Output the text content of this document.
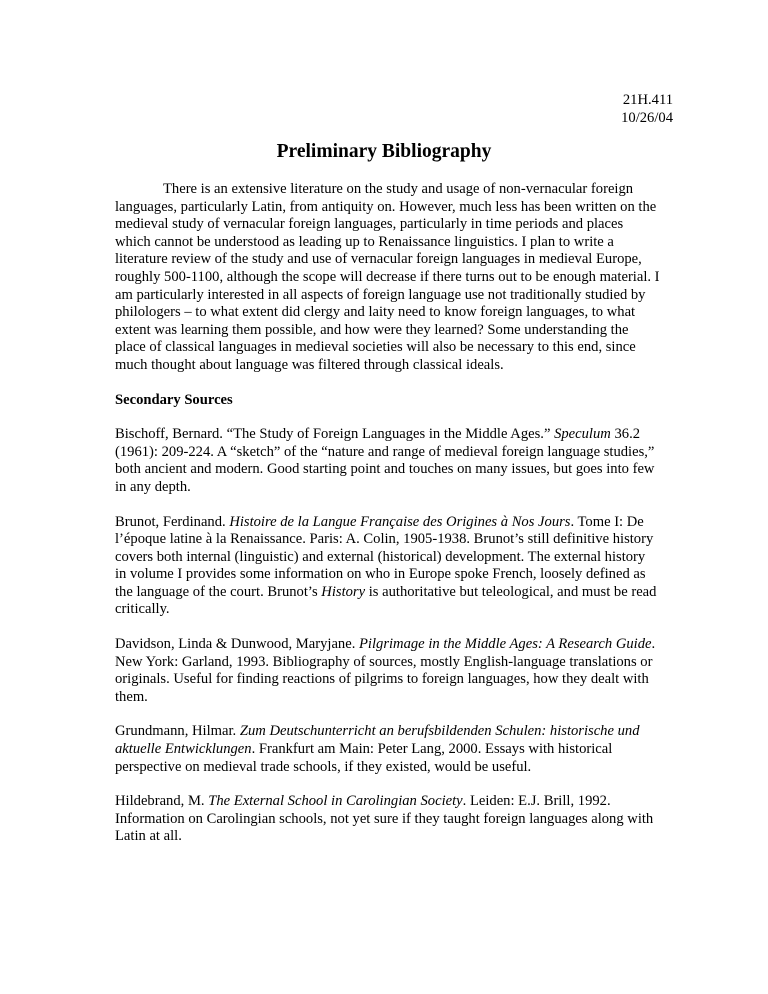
21H.411
10/26/04
Preliminary Bibliography

There is an extensive literature on the study and usage of non-vernacular foreign languages, particularly Latin, from antiquity on. However, much less has been written on the medieval study of vernacular foreign languages, particularly in time periods and places which cannot be understood as leading up to Renaissance linguistics. I plan to write a literature review of the study and use of vernacular foreign languages in medieval Europe, roughly 500-1100, although the scope will decrease if there turns out to be enough material. I am particularly interested in all aspects of foreign language use not traditionally studied by philologers – to what extent did clergy and laity need to know foreign languages, to what extent was learning them possible, and how were they learned? Some understanding the place of classical languages in medieval societies will also be necessary to this end, since much thought about language was filtered through classical ideals.

Secondary Sources

Bischoff, Bernard. “The Study of Foreign Languages in the Middle Ages.” Speculum 36.2 (1961): 209-224. A “sketch” of the “nature and range of medieval foreign language studies,” both ancient and modern. Good starting point and touches on many issues, but goes into few in any depth.

Brunot, Ferdinand. Histoire de la Langue Française des Origines à Nos Jours. Tome I: De l’époque latine à la Renaissance. Paris: A. Colin, 1905-1938. Brunot’s still definitive history covers both internal (linguistic) and external (historical) development. The external history in volume I provides some information on who in Europe spoke French, loosely defined as the language of the court. Brunot’s History is authoritative but teleological, and must be read critically.

Davidson, Linda & Dunwood, Maryjane. Pilgrimage in the Middle Ages: A Research Guide. New York: Garland, 1993. Bibliography of sources, mostly English-language translations or originals. Useful for finding reactions of pilgrims to foreign languages, how they dealt with them.

Grundmann, Hilmar. Zum Deutschunterricht an berufsbildenden Schulen: historische und aktuelle Entwicklungen. Frankfurt am Main: Peter Lang, 2000. Essays with historical perspective on medieval trade schools, if they existed, would be useful.

Hildebrand, M. The External School in Carolingian Society. Leiden: E.J. Brill, 1992. Information on Carolingian schools, not yet sure if they taught foreign languages along with Latin at all.
